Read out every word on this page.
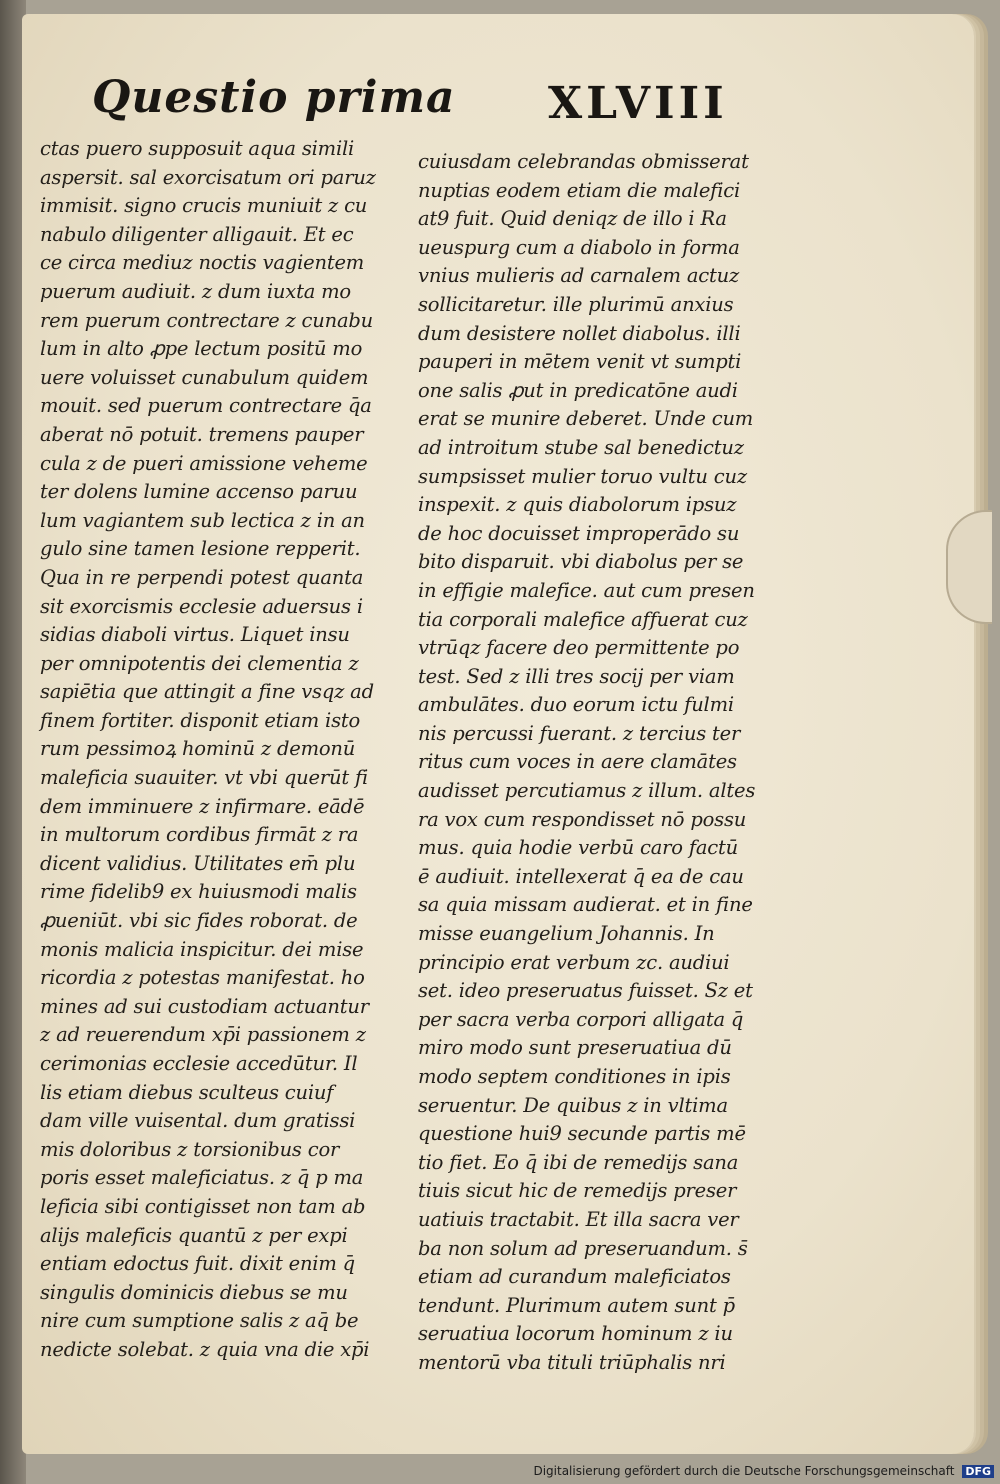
Questio prima XLVIII
ctas puero supposuit aqua simili
aspersit. sal exorcisatum ori paruz
immisit. signo crucis muniuit z cu
nabulo diligenter alligauit. Et ec
ce circa mediuz noctis vagientem
puerum audiuit. z dum iuxta mo
rem puerum contrectare z cunabu
lum in alto ꝓpe lectum positū mo
uere voluisset cunabulum quidem
mouit. sed puerum contrectare q̄a
aberat nō potuit. tremens pauper
cula z de pueri amissione veheme
ter dolens lumine accenso paruu
lum vagiantem sub lectica z in an
gulo sine tamen lesione repperit.
Qua in re perpendi potest quanta
sit exorcismis ecclesie aduersus i
sidias diaboli virtus. Liquet insu
per omnipotentis dei clementia z
sapiētia que attingit a fine vsqz ad
finem fortiter. disponit etiam isto
rum pessimoꝝ hominū z demonū
maleficia suauiter. vt vbi querūt fi
dem imminuere z infirmare. eādē
in multorum cordibus firmāt z ra
dicent validius. Utilitates em̄ plu
rime fidelib9 ex huiusmodi malis
ꝓueniūt. vbi sic fides roborat. de
monis malicia inspicitur. dei mise
ricordia z potestas manifestat. ho
mines ad sui custodiam actuantur
z ad reuerendum xp̄i passionem z
cerimonias ecclesie accedūtur. Il
lis etiam diebus sculteus cuiuf
dam ville vuisental. dum gratissi
mis doloribus z torsionibus cor
poris esset maleficiatus. z q̄ p ma
leficia sibi contigisset non tam ab
alijs maleficis quantū z per expi
entiam edoctus fuit. dixit enim q̄
singulis dominicis diebus se mu
nire cum sumptione salis z aq̄ be
nedicte solebat. z quia vna die xp̄i
cuiusdam celebrandas obmisserat
nuptias eodem etiam die malefici
at9 fuit. Quid deniqz de illo i Ra
ueuspurg cum a diabolo in forma
vnius mulieris ad carnalem actuz
sollicitaretur. ille plurimū anxius
dum desistere nollet diabolus. illi
pauperi in mētem venit vt sumpti
one salis ꝓut in predicatōne audi
erat se munire deberet. Unde cum
ad introitum stube sal benedictuz
sumpsisset mulier toruo vultu cuz
inspexit. z quis diabolorum ipsuz
de hoc docuisset improperādo su
bito disparuit. vbi diabolus per se
in effigie malefice. aut cum presen
tia corporali malefice affuerat cuz
vtrūqz facere deo permittente po
test. Sed z illi tres socij per viam
ambulātes. duo eorum ictu fulmi
nis percussi fuerant. z tercius ter
ritus cum voces in aere clamātes
audisset percutiamus z illum. altes
ra vox cum respondisset nō possu
mus. quia hodie verbū caro factū
ē audiuit. intellexerat q̄ ea de cau
sa quia missam audierat. et in fine
misse euangelium Johannis. In
principio erat verbum zc. audiui
set. ideo preseruatus fuisset. Sz et
per sacra verba corpori alligata q̄
miro modo sunt preseruatiua dū
modo septem conditiones in ipis
seruentur. De quibus z in vltima
questione hui9 secunde partis mē
tio fiet. Eo q̄ ibi de remedijs sana
tiuis sicut hic de remedijs preser
uatiuis tractabit. Et illa sacra ver
ba non solum ad preseruandum. s̄
etiam ad curandum maleficiatos
tendunt. Plurimum autem sunt p̄
seruatiua locorum hominum z iu
mentorū vba tituli triūphalis nri
Digitalisierung gefördert durch die Deutsche Forschungsgemeinschaft DFG
